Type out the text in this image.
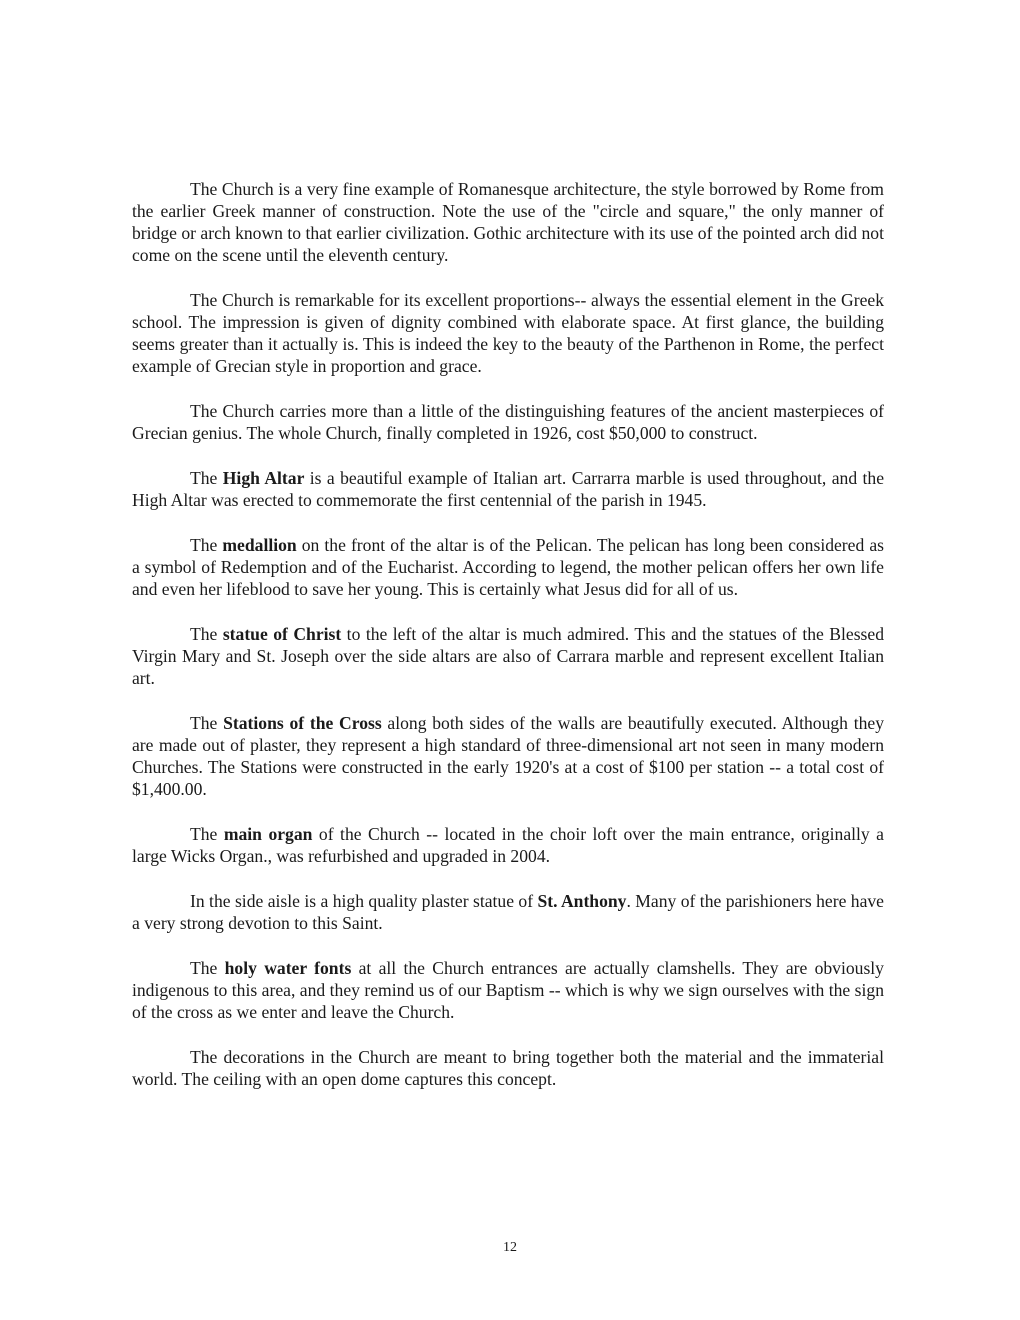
The Church is a very fine example of Romanesque architecture, the style borrowed by Rome from the earlier Greek manner of construction. Note the use of the "circle and square," the only manner of bridge or arch known to that earlier civilization. Gothic architecture with its use of the pointed arch did not come on the scene until the eleventh century.

The Church is remarkable for its excellent proportions-- always the essential element in the Greek school. The impression is given of dignity combined with elaborate space. At first glance, the building seems greater than it actually is. This is indeed the key to the beauty of the Parthenon in Rome, the perfect example of Grecian style in proportion and grace.

The Church carries more than a little of the distinguishing features of the ancient masterpieces of Grecian genius. The whole Church, finally completed in 1926, cost $50,000 to construct.

The High Altar is a beautiful example of Italian art. Carrarra marble is used throughout, and the High Altar was erected to commemorate the first centennial of the parish in 1945.

The medallion on the front of the altar is of the Pelican. The pelican has long been considered as a symbol of Redemption and of the Eucharist. According to legend, the mother pelican offers her own life and even her lifeblood to save her young. This is certainly what Jesus did for all of us.

The statue of Christ to the left of the altar is much admired. This and the statues of the Blessed Virgin Mary and St. Joseph over the side altars are also of Carrara marble and represent excellent Italian art.

The Stations of the Cross along both sides of the walls are beautifully executed. Although they are made out of plaster, they represent a high standard of three-dimensional art not seen in many modern Churches. The Stations were constructed in the early 1920's at a cost of $100 per station -- a total cost of $1,400.00.

The main organ of the Church -- located in the choir loft over the main entrance, originally a large Wicks Organ., was refurbished and upgraded in 2004.

In the side aisle is a high quality plaster statue of St. Anthony. Many of the parishioners here have a very strong devotion to this Saint.

The holy water fonts at all the Church entrances are actually clamshells. They are obviously indigenous to this area, and they remind us of our Baptism -- which is why we sign ourselves with the sign of the cross as we enter and leave the Church.

The decorations in the Church are meant to bring together both the material and the immaterial world. The ceiling with an open dome captures this concept.

12
